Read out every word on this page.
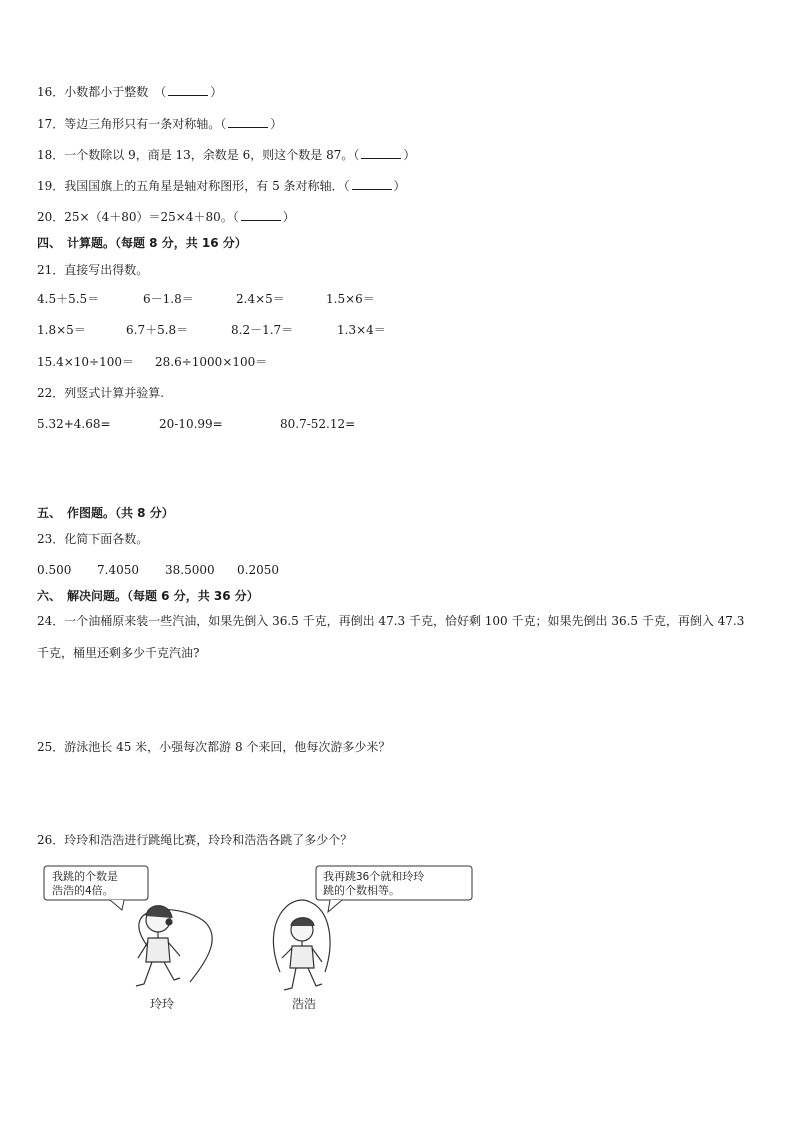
16．小数都小于整数　（	）
17．等边三角形只有一条对称轴。（	）
18．一个数除以 9，商是 13，余数是 6，则这个数是 87。（	）
19．我国国旗上的五角星是轴对称图形，有 5 条对称轴．（	）
20．25×（4＋80）＝25×4＋80。（	）
四、　计算题。（每题 8 分，共 16 分）
21．直接写出得数。
4.5＋5.5＝	6－1.8＝	2.4×5＝	1.5×6＝
1.8×5＝	6.7＋5.8＝	8.2－1.7＝	1.3×4＝
15.4×10÷100＝ 28.6÷1000×100＝
22．列竖式计算并验算.
5.32+4.68=	20-10.99=	80.7-52.12=
五、　作图题。（共 8 分）
23．化简下面各数。
0.500 7.4050 38.5000 0.2050
六、　解决问题。（每题 6 分，共 36 分）
24．一个油桶原来装一些汽油，如果先倒入 36.5 千克，再倒出 47.3 千克，恰好剩 100 千克；如果先倒出 36.5 千克，再倒入 47.3 千克，桶里还剩多少千克汽油?
25．游泳池长 45 米，小强每次都游 8 个来回，他每次游多少米？
26．玲玲和浩浩进行跳绳比赛，玲玲和浩浩各跳了多少个？
我跳的个数是
浩浩的4倍。
玲玲
我再跳36个就和玲玲
跳的个数相等。
浩浩
